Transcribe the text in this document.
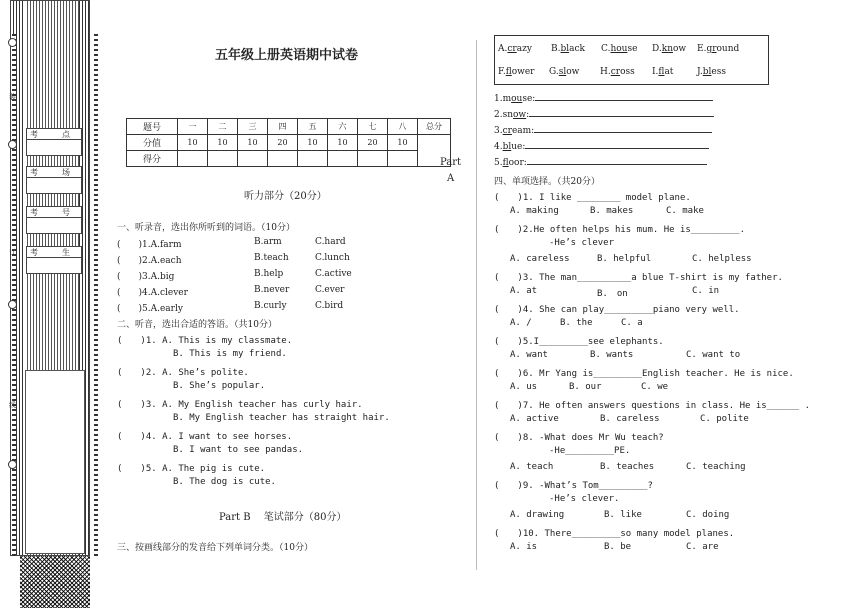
装
订
线
考　点
考　场
考　号
考　生
五年级上册英语期中试卷
题号	一	二	三	四	五	六	七	八	总分
分值	10	10	10	20	10	10	20	10	
得分										Part
A
听力部分（20分）
一、听录音，选出你所听到的词语。（10分）
(　　)1.A.farm	B.arm	C.hard
(　　)2.A.each	B.teach	C.lunch
(　　)3.A.big	B.help	C.active
(　　)4.A.clever	B.never	C.ever
(　　)5.A.early	B.curly	C.bird
二、听音，选出合适的答语。（共10分）
(　　)1. A. This is my classmate.
B. This is my friend.
(　　)2. A. She’s polite.
B. She’s popular.
(　　)3. A. My English teacher has curly hair.
B. My English teacher has straight hair.
(　　)4. A. I want to see horses.
B. I want to see pandas.
(　　)5. A. The pig is cute.
B. The dog is cute.
Part B　 笔试部分（80分）
三、按画线部分的发音给下列单词分类。（10分）
A.crazy B.black C.house D.know E.ground
F.flower G.slow H.cross I.flat	J.bless
1.mouse:
2.snow:
3.cream:
4.blue:
5.floor:
四、单项选择。（共20分）
(　　)1. I like ________ model plane.
A. making	B. makes	C. make
(　　)2.He often helps his mum. He is_________.
-He’s clever
A. careless	B. helpful	C. helpless
(　　)3. The man__________a blue T-shirt is my father.
A. at	B.　on	C. in
(　　)4. She can play_________piano very well.
A. /	B. the	C. a
(　　)5.I_________see elephants.
A. want	B. wants	C. want to
(　　)6. Mr Yang is_________English teacher. He is nice.
A. us	B. our	C. we
(　　)7. He often answers questions in class. He is______ .
A. active	B. careless	C. polite
(　　)8. -What does Mr Wu teach?
-He_________PE.
A. teach	B. teaches	C. teaching
(　　)9. -What’s Tom_________?
-He’s clever.
A. drawing	B. like	C. doing
(　　)10. There_________so many model planes.
A. is	B. be	C. are
